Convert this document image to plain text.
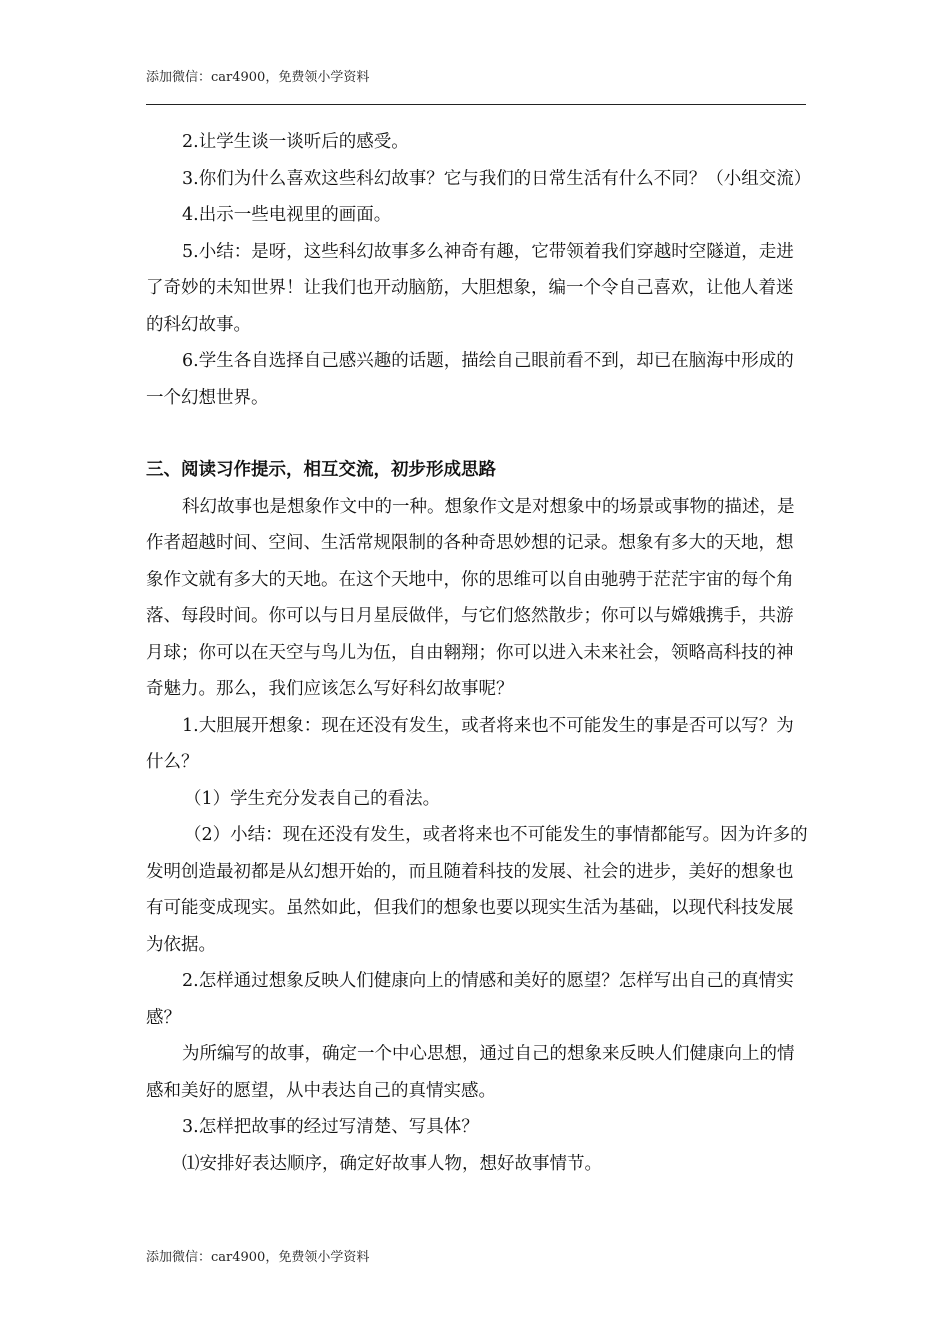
添加微信：car4900，免费领小学资料

2.让学生谈一谈听后的感受。

3.你们为什么喜欢这些科幻故事？它与我们的日常生活有什么不同？（小组交流）

4.出示一些电视里的画面。

5.小结：是呀，这些科幻故事多么神奇有趣，它带领着我们穿越时空隧道，走进了奇妙的未知世界！让我们也开动脑筋，大胆想象，编一个令自己喜欢，让他人着迷的科幻故事。

6.学生各自选择自己感兴趣的话题，描绘自己眼前看不到，却已在脑海中形成的一个幻想世界。

三、阅读习作提示，相互交流，初步形成思路

科幻故事也是想象作文中的一种。想象作文是对想象中的场景或事物的描述，是作者超越时间、空间、生活常规限制的各种奇思妙想的记录。想象有多大的天地，想象作文就有多大的天地。在这个天地中，你的思维可以自由驰骋于茫茫宇宙的每个角落、每段时间。你可以与日月星辰做伴，与它们悠然散步；你可以与嫦娥携手，共游月球；你可以在天空与鸟儿为伍，自由翱翔；你可以进入未来社会，领略高科技的神奇魅力。那么，我们应该怎么写好科幻故事呢？

1.大胆展开想象：现在还没有发生，或者将来也不可能发生的事是否可以写？为什么？

（1）学生充分发表自己的看法。

（2）小结：现在还没有发生，或者将来也不可能发生的事情都能写。因为许多的发明创造最初都是从幻想开始的，而且随着科技的发展、社会的进步，美好的想象也有可能变成现实。虽然如此，但我们的想象也要以现实生活为基础，以现代科技发展为依据。

2.怎样通过想象反映人们健康向上的情感和美好的愿望？怎样写出自己的真情实感？

为所编写的故事，确定一个中心思想，通过自己的想象来反映人们健康向上的情感和美好的愿望，从中表达自己的真情实感。

3.怎样把故事的经过写清楚、写具体？

⑴安排好表达顺序，确定好故事人物，想好故事情节。

添加微信：car4900，免费领小学资料
